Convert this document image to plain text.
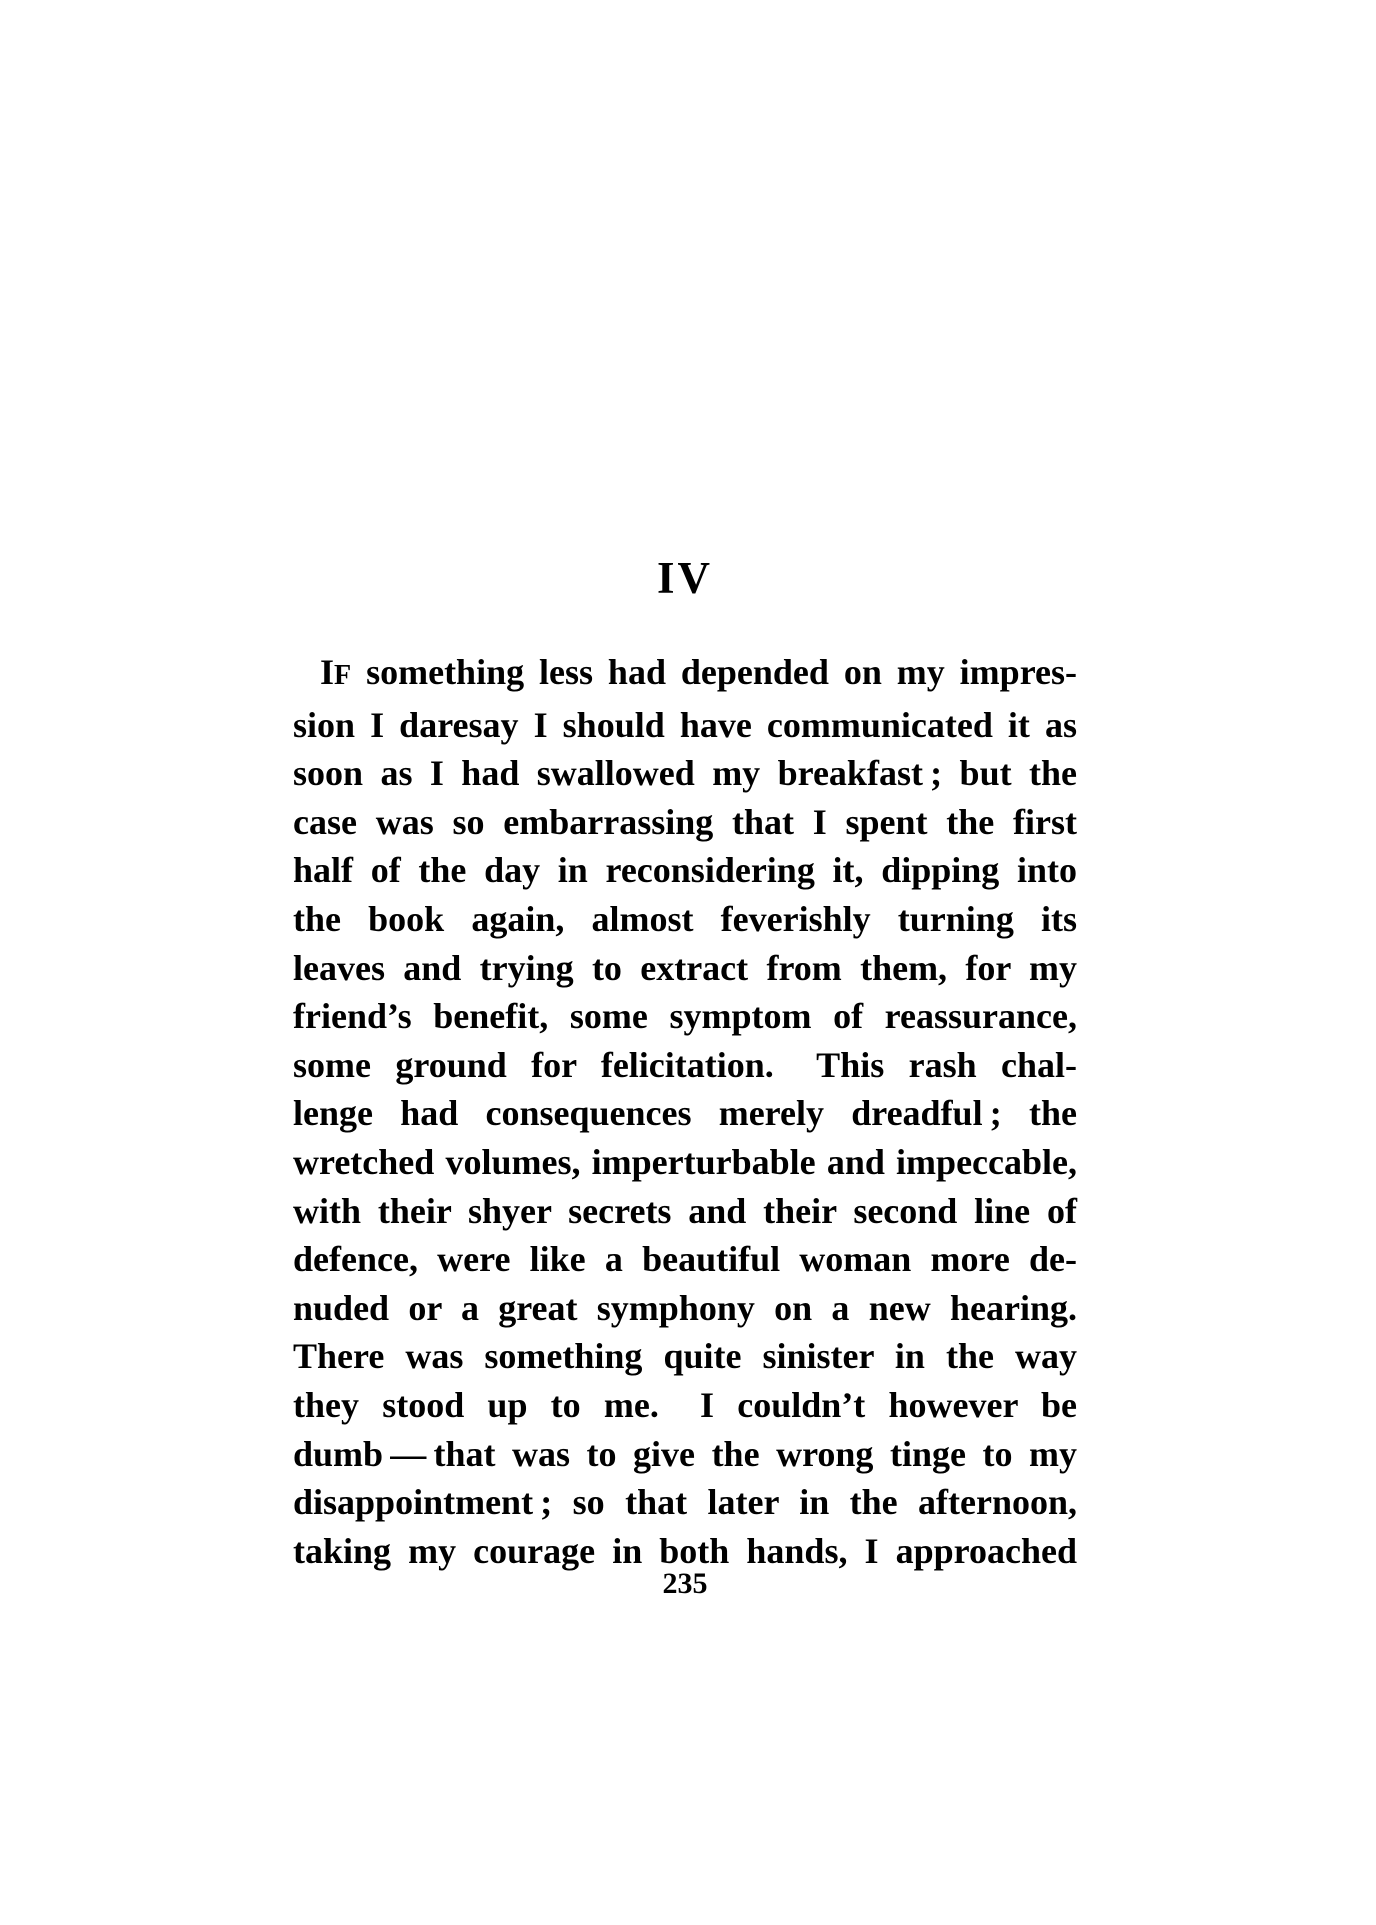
IV
IF something less had depended on my impres-
sion I daresay I should have communicated it as
soon as I had swallowed my breakfast ; but the
case was so embarrassing that I spent the first
half of the day in reconsidering it, dipping into
the book again, almost feverishly turning its
leaves and trying to extract from them, for my
friend’s benefit, some symptom of reassurance,
some ground for felicitation.  This rash chal-
lenge had consequences merely dreadful ; the
wretched volumes, imperturbable and impeccable,
with their shyer secrets and their second line of
defence, were like a beautiful woman more de-
nuded or a great symphony on a new hearing.
There was something quite sinister in the way
they stood up to me.  I couldn’t however be
dumb — that was to give the wrong tinge to my
disappointment ; so that later in the afternoon,
taking my courage in both hands, I approached
235
